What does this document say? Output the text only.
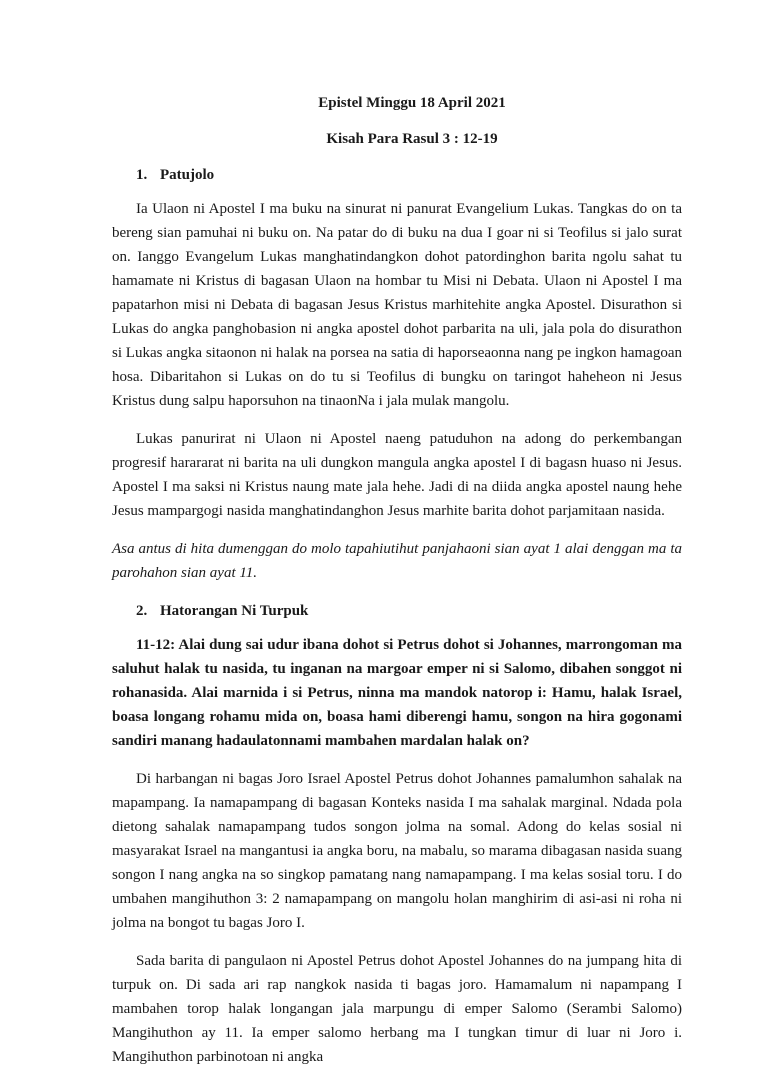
Epistel Minggu 18 April 2021
Kisah Para Rasul 3 : 12-19
1. Patujolo

Ia Ulaon ni Apostel I ma buku na sinurat ni panurat Evangelium Lukas. Tangkas do on ta bereng sian pamuhai ni buku on. Na patar do di buku na dua I goar ni si Teofilus si jalo surat on. Ianggo Evangelum Lukas manghatindangkon dohot patordinghon barita ngolu sahat tu hamamate ni Kristus di bagasan Ulaon na hombar tu Misi ni Debata. Ulaon ni Apostel I ma papatarhon misi ni Debata di bagasan Jesus Kristus marhitehite angka Apostel. Disurathon si Lukas do angka panghobasion ni angka apostel dohot parbarita na uli, jala pola do disurathon si Lukas angka sitaonon ni halak na porsea na satia di haporseaonna nang pe ingkon hamagoan hosa. Dibaritahon si Lukas on do tu si Teofilus di bungku on taringot haheheon ni Jesus Kristus dung salpu haporsuhon na tinaonNa i jala mulak mangolu.

Lukas panurirat ni Ulaon ni Apostel naeng patuduhon na adong do perkembangan progresif harararat ni barita na uli dungkon mangula angka apostel I di bagasn huaso ni Jesus. Apostel I ma saksi ni Kristus naung mate jala hehe. Jadi di na diida angka apostel naung hehe Jesus mampargogi nasida manghatindanghon Jesus marhite barita dohot parjamitaan nasida.

Asa antus di hita dumenggan do molo tapahiutihut panjahaoni sian ayat 1 alai denggan ma ta parohahon sian ayat 11.

2. Hatorangan Ni Turpuk

11-12: Alai dung sai udur ibana dohot si Petrus dohot si Johannes, marrongoman ma saluhut halak tu nasida, tu inganan na margoar emper ni si Salomo, dibahen songgot ni rohanasida. Alai marnida i si Petrus, ninna ma mandok natorop i: Hamu, halak Israel, boasa longang rohamu mida on, boasa hami diberengi hamu, songon na hira gogonami sandiri manang hadaulatonnami mambahen mardalan halak on?

Di harbangan ni bagas Joro Israel Apostel Petrus dohot Johannes pamalumhon sahalak na mapampang. Ia namapampang di bagasan Konteks nasida I ma sahalak marginal. Ndada pola dietong sahalak namapampang tudos songon jolma na somal. Adong do kelas sosial ni masyarakat Israel na mangantusi ia angka boru, na mabalu, so marama dibagasan nasida suang songon I nang angka na so singkop pamatang nang namapampang. I ma kelas sosial toru. I do umbahen mangihuthon 3: 2 namapampang on mangolu holan manghirim di asi-asi ni roha ni jolma na bongot tu bagas Joro I.

Sada barita di pangulaon ni Apostel Petrus dohot Apostel Johannes do na jumpang hita di turpuk on. Di sada ari rap nangkok nasida ti bagas joro. Hamamalum ni napampang I mambahen torop halak longangan jala marpungu di emper Salomo (Serambi Salomo) Mangihuthon ay 11. Ia emper salomo herbang ma I tungkan timur di luar ni Joro i. Mangihuthon parbinotoan ni angka
